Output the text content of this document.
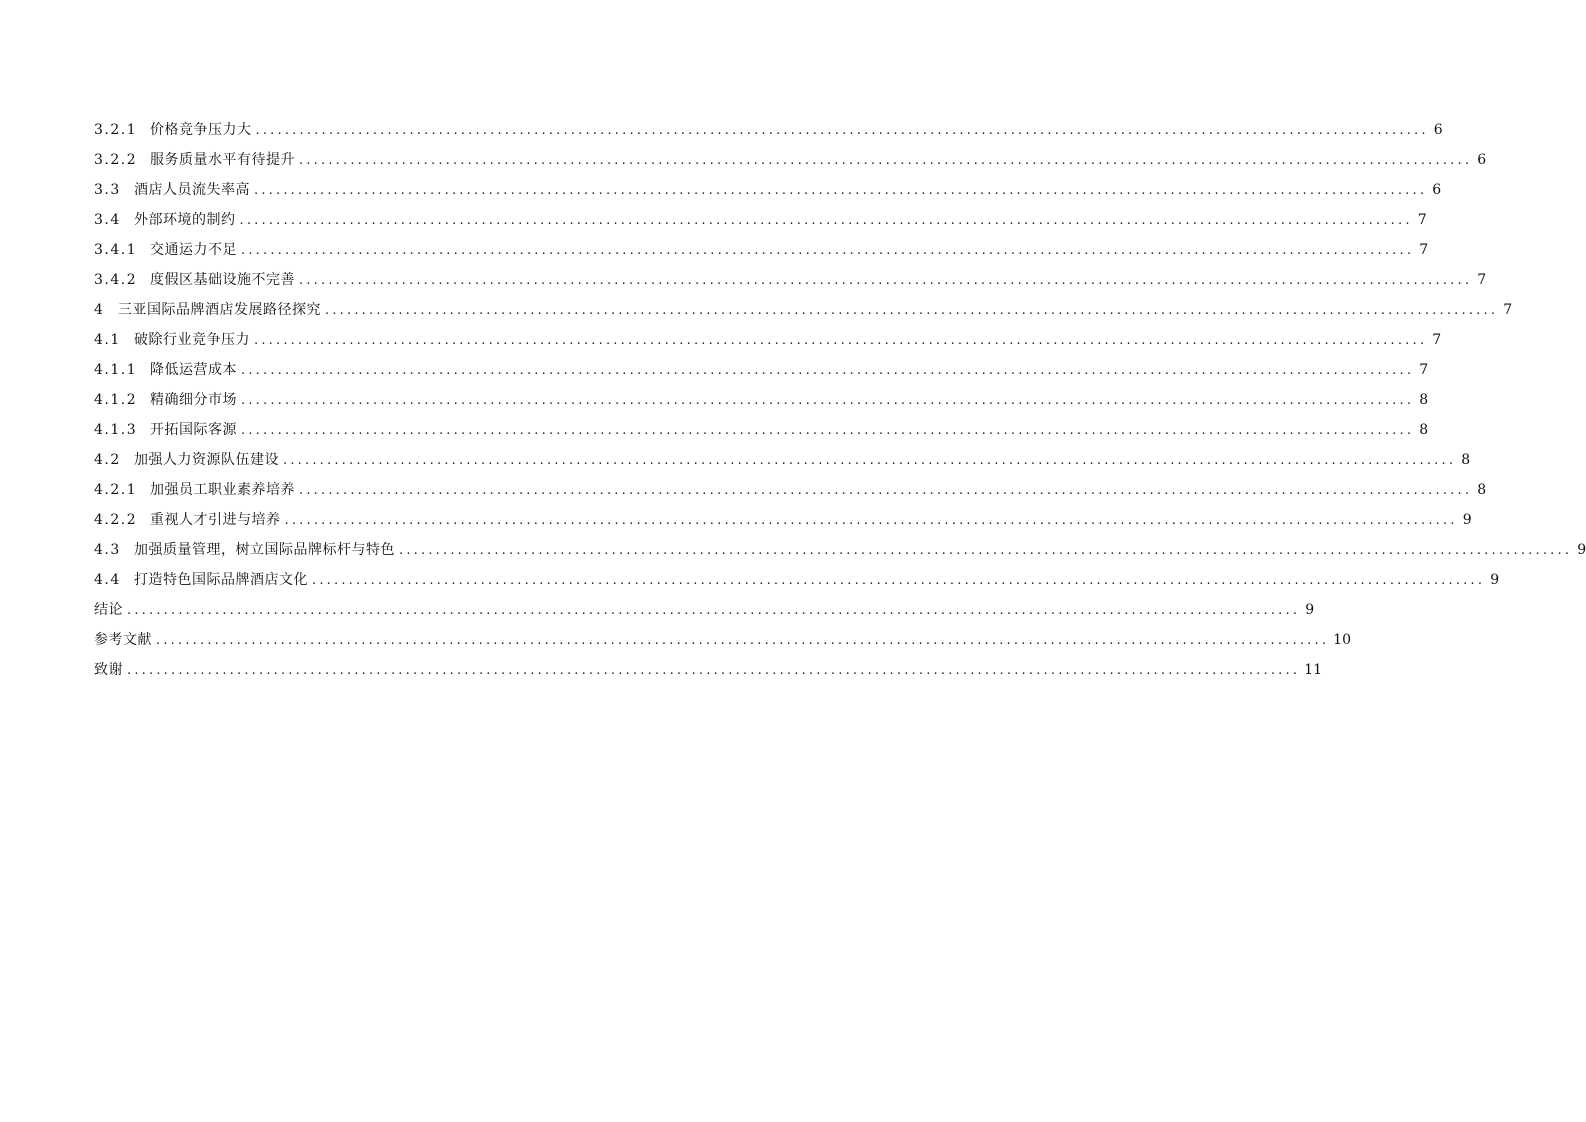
3.2.1 价格竞争压力大 ................................................................................................................................................................ 6
3.2.2 服务质量水平有待提升 ................................................................................................................................................................ 6
3.3 酒店人员流失率高 ................................................................................................................................................................ 6
3.4 外部环境的制约 ................................................................................................................................................................ 7
3.4.1 交通运力不足 ................................................................................................................................................................ 7
3.4.2 度假区基础设施不完善 ................................................................................................................................................................ 7
4 三亚国际品牌酒店发展路径探究 ................................................................................................................................................................ 7
4.1 破除行业竞争压力 ................................................................................................................................................................ 7
4.1.1 降低运营成本 ................................................................................................................................................................ 7
4.1.2 精确细分市场 ................................................................................................................................................................ 8
4.1.3 开拓国际客源 ................................................................................................................................................................ 8
4.2 加强人力资源队伍建设 ................................................................................................................................................................ 8
4.2.1 加强员工职业素养培养 ................................................................................................................................................................ 8
4.2.2 重视人才引进与培养 ................................................................................................................................................................ 9
4.3 加强质量管理，树立国际品牌标杆与特色 ................................................................................................................................................................ 9
4.4 打造特色国际品牌酒店文化 ................................................................................................................................................................ 9
结论 ................................................................................................................................................................ 9
参考文献 ................................................................................................................................................................ 10
致谢 ................................................................................................................................................................ 11
